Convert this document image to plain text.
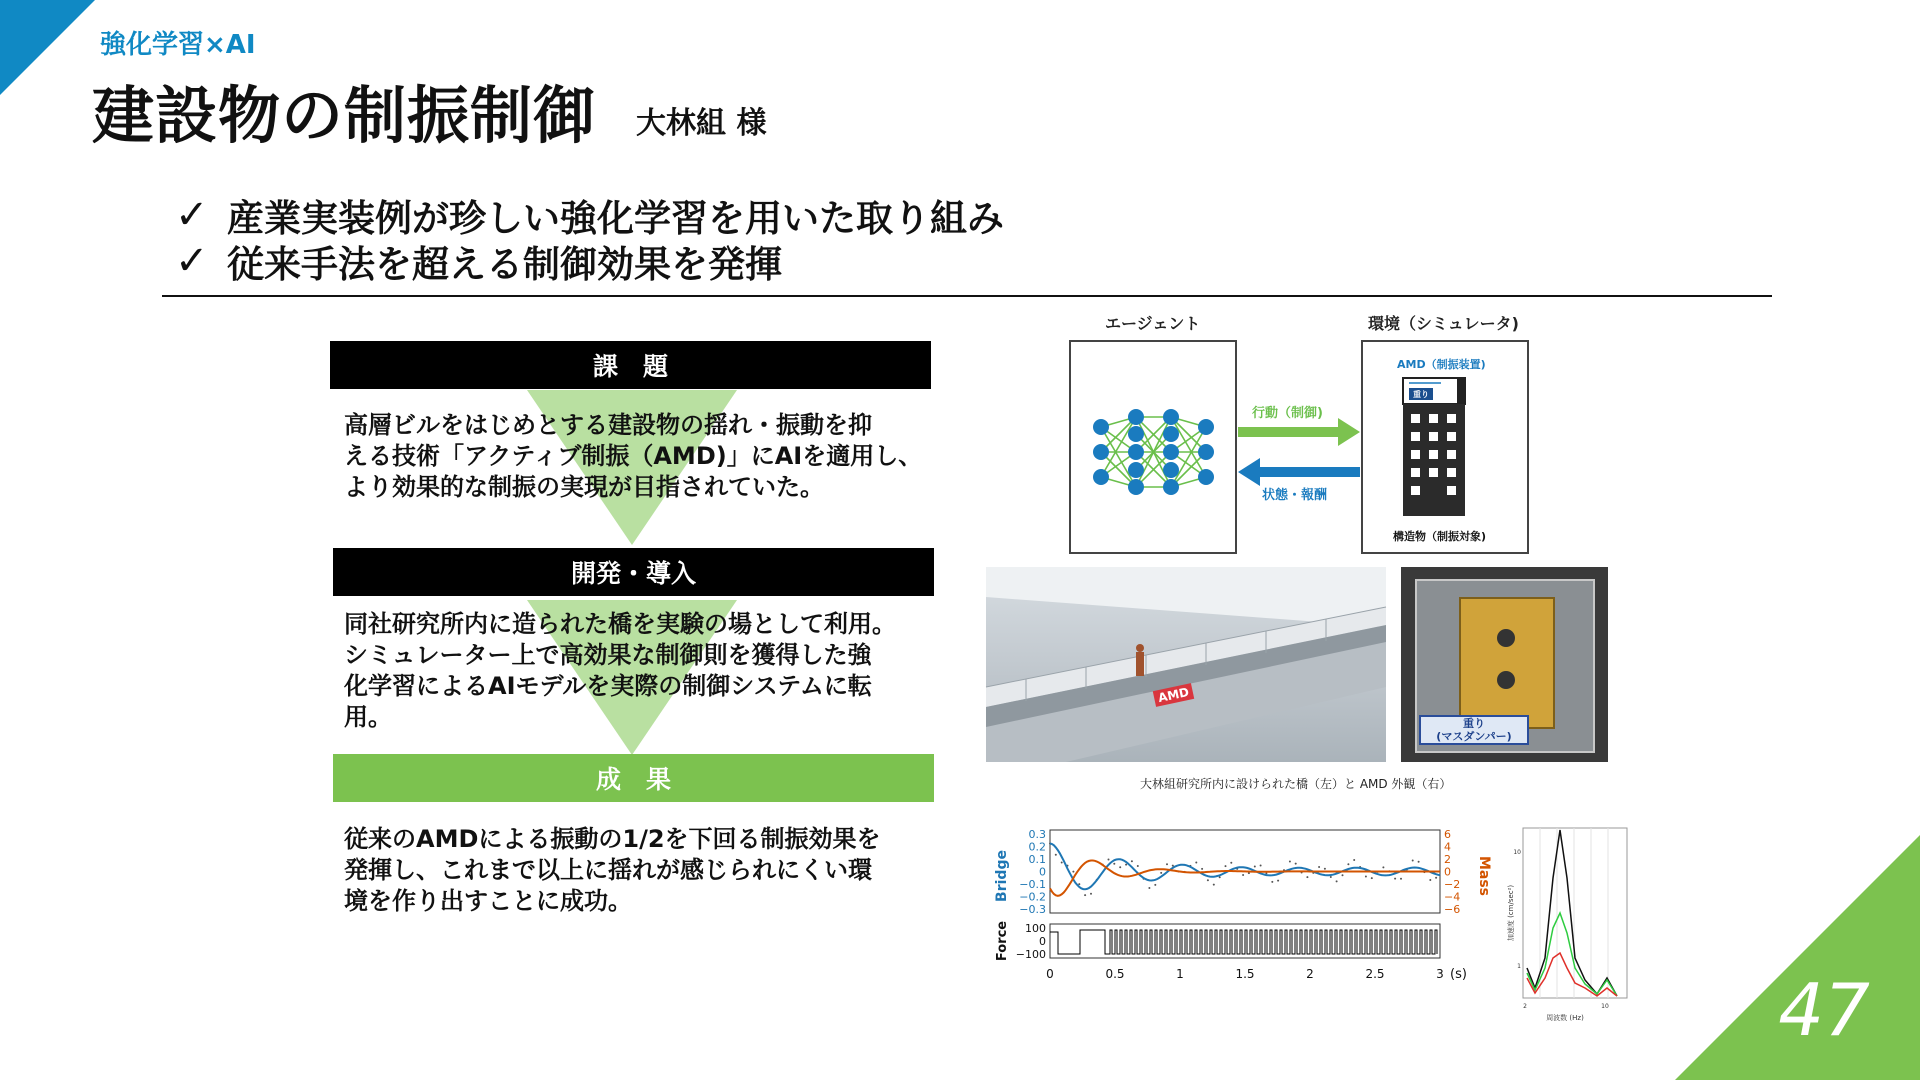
47
強化学習×AI
建設物の制振制御 大林組 様
✓ 産業実装例が珍しい強化学習を用いた取り組み
✓ 従来手法を超える制御効果を発揮
課　題
高層ビルをはじめとする建設物の揺れ・振動を抑
える技術「アクティブ制振（AMD)」にAIを適用し、
より効果的な制振の実現が目指されていた。
開発・導入
同社研究所内に造られた橋を実験の場として利用。
シミュレーター上で高効果な制御則を獲得した強
化学習によるAIモデルを実際の制御システムに転
用。
成　果
従来のAMDによる振動の1/2を下回る制振効果を
発揮し、これまで以上に揺れが感じられにくい環
境を作り出すことに成功。
エージェント	環境（シミュレータ)
行動（制御)
状態・報酬
AMD（制振装置)
重り
構造物（制振対象)
AMD
重り
(マスダンパー)
大林組研究所内に設けられた橋（左）と AMD 外観（右）
0.3
0.2
0.1
0
−0.1
−0.2
−0.3
6
4
2
0
−2
−4
−6
100
0
−100
0	0.5	1	1.5	2	2.5	3 (s)
Bridge	Mass
Force
10
1
2	10
周波数 (Hz)
加速度 (cm/sec²)
